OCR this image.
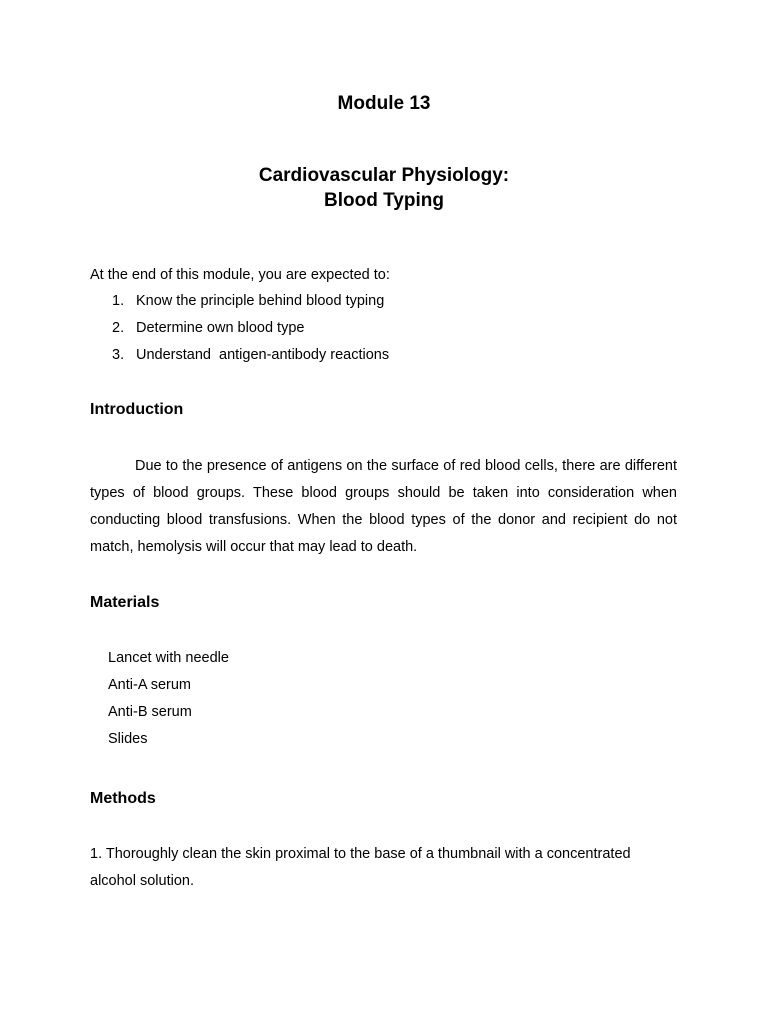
Module 13
Cardiovascular Physiology:
Blood Typing
At the end of this module, you are expected to:
1. Know the principle behind blood typing
2. Determine own blood type
3. Understand  antigen-antibody reactions
Introduction
Due to the presence of antigens on the surface of red blood cells, there are different types of blood groups. These blood groups should be taken into consideration when conducting blood transfusions. When the blood types of the donor and recipient do not match, hemolysis will occur that may lead to death.
Materials
Lancet with needle
Anti-A serum
Anti-B serum
Slides
Methods
1. Thoroughly clean the skin proximal to the base of a thumbnail with a concentrated alcohol solution.
